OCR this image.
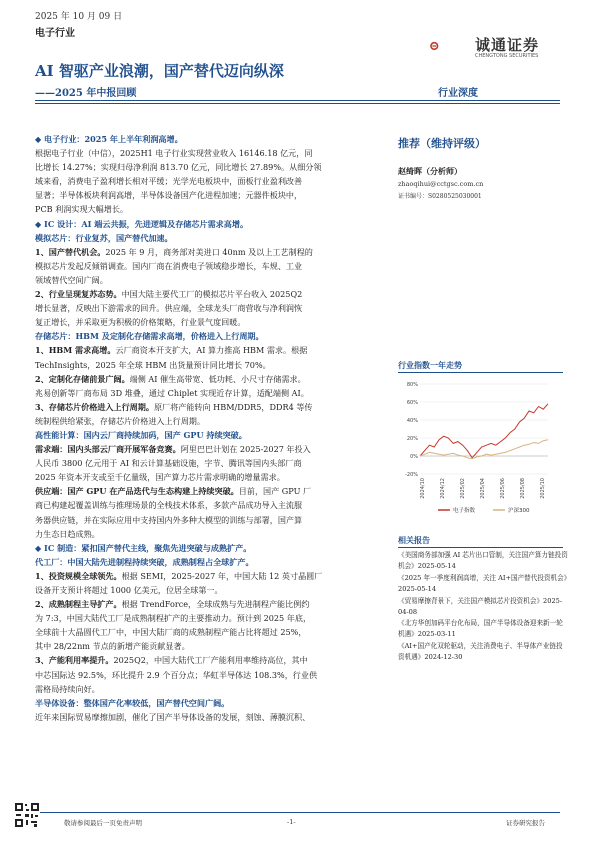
2025 年 10 月 09 日
电子行业
诚通证券
CHENGTONG SECURITIES
AI 智驱产业浪潮，国产替代迈向纵深
——2025 年中报回顾	行业深度

◆ 电子行业：2025 年上半年利润高增。

根据电子行业（中信），2025H1 电子行业实现营业收入 16146.18 亿元，同

比增长 14.27%；实现归母净利润 813.70 亿元，同比增长 27.89%。从细分领

域来看，消费电子盈利增长相对平缓；光学光电板块中，面板行业盈利改善

显著；半导体板块利润高增，半导体设备国产化进程加速；元器件板块中，

PCB 利润实现大幅增长。

◆ IC 设计：AI 端云共振，先进逻辑及存储芯片需求高增。

模拟芯片：行业复苏，国产替代加速。

1、国产替代机会。2025 年 9 月，商务部对美进口 40nm 及以上工艺制程的

模拟芯片发起反倾销调查。国内厂商在消费电子领域稳步增长，车规、工业

领域替代空间广阔。

2、行业呈现复苏态势。中国大陆主要代工厂的模拟芯片平台收入 2025Q2

增长显著，反映出下游需求的回升。供应端，全球龙头厂商营收与净利润恢

复正增长，并采取更为积极的价格策略，行业景气度回暖。

存储芯片：HBM 及定制化存储需求高增，价格进入上行周期。

1、HBM 需求高增。云厂商资本开支扩大，AI 算力推高 HBM 需求。根据

TechInsights，2025 年全球 HBM 出货量预计同比增长 70%。

2、定制化存储前景广阔。端侧 AI 催生高带宽、低功耗、小尺寸存储需求。

兆易创新等厂商布局 3D 堆叠，通过 Chiplet 实现近存计算，适配端侧 AI。

3、存储芯片价格进入上行周期。原厂将产能转向 HBM/DDR5，DDR4 等传

统制程供给紧张，存储芯片价格进入上行周期。

高性能计算：国内云厂商持续加码，国产 GPU 持续突破。

需求端：国内头部云厂商开展军备竞赛。阿里巴巴计划在 2025-2027 年投入

人民币 3800 亿元用于 AI 和云计算基础设施，字节、腾讯等国内头部厂商

2025 年资本开支或至千亿量级，国产算力芯片需求明确的增量需求。

供应端：国产 GPU 在产品迭代与生态构建上持续突破。目前，国产 GPU 厂

商已构建起覆盖训练与推理场景的全栈技术体系，多款产品成功导入主流服

务器供应链，并在实际应用中支持国内外多种大模型的训练与部署，国产算

力生态日趋成熟。

◆ IC 制造：紧扣国产替代主线，聚焦先进突破与成熟扩产。

代工厂：中国大陆先进制程持续突破，成熟制程占全球扩产。

1、投资规模全球领先。根据 SEMI，2025-2027 年，中国大陆 12 英寸晶圆厂

设备开支预计将超过 1000 亿美元，位居全球第一。

2、成熟制程主导扩产。根据 TrendForce，全球成熟与先进制程产能比例约

为 7:3，中国大陆代工厂是成熟制程扩产的主要推动力。预计到 2025 年底，

全球前十大晶圆代工厂中，中国大陆厂商的成熟制程产能占比将超过 25%，

其中 28/22nm 节点的新增产能贡献显著。

3、产能利用率提升。2025Q2，中国大陆代工厂产能利用率维持高位，其中

中芯国际达 92.5%，环比提升 2.9 个百分点；华虹半导体达 108.3%，行业供

需格局持续向好。

半导体设备：整体国产化率较低，国产替代空间广阔。

近年来国际贸易摩擦加剧，催化了国产半导体设备的发展，刻蚀、薄膜沉积、

推荐（维持评级）
赵绮晖（分析师）
zhaoqihui@cctgsc.com.cn
证书编号：S0280525030001
行业指数一年走势
-20%
0%
20%
40%
60%
80%
2024/10	2024/12	2025/02	2025/04	2025/06	2025/08	2025/10
电子指数	沪深300
相关报告

《美国商务部加强 AI 芯片出口管制，关注国产算力链投资机会》2025-05-14

《2025 年一季度利润高增，关注 AI+国产替代投资机会》2025-05-14

《贸易摩擦背景下，关注国产模拟芯片投资机会》2025-04-08

《北方华创加码平台化布局，国产半导体设备迎来新一轮机遇》2025-03-11

《AI+国产化双轮驱动，关注消费电子、半导体产业链投资机遇》2024-12-30

敬请参阅最后一页免责声明	-1-	证券研究报告
